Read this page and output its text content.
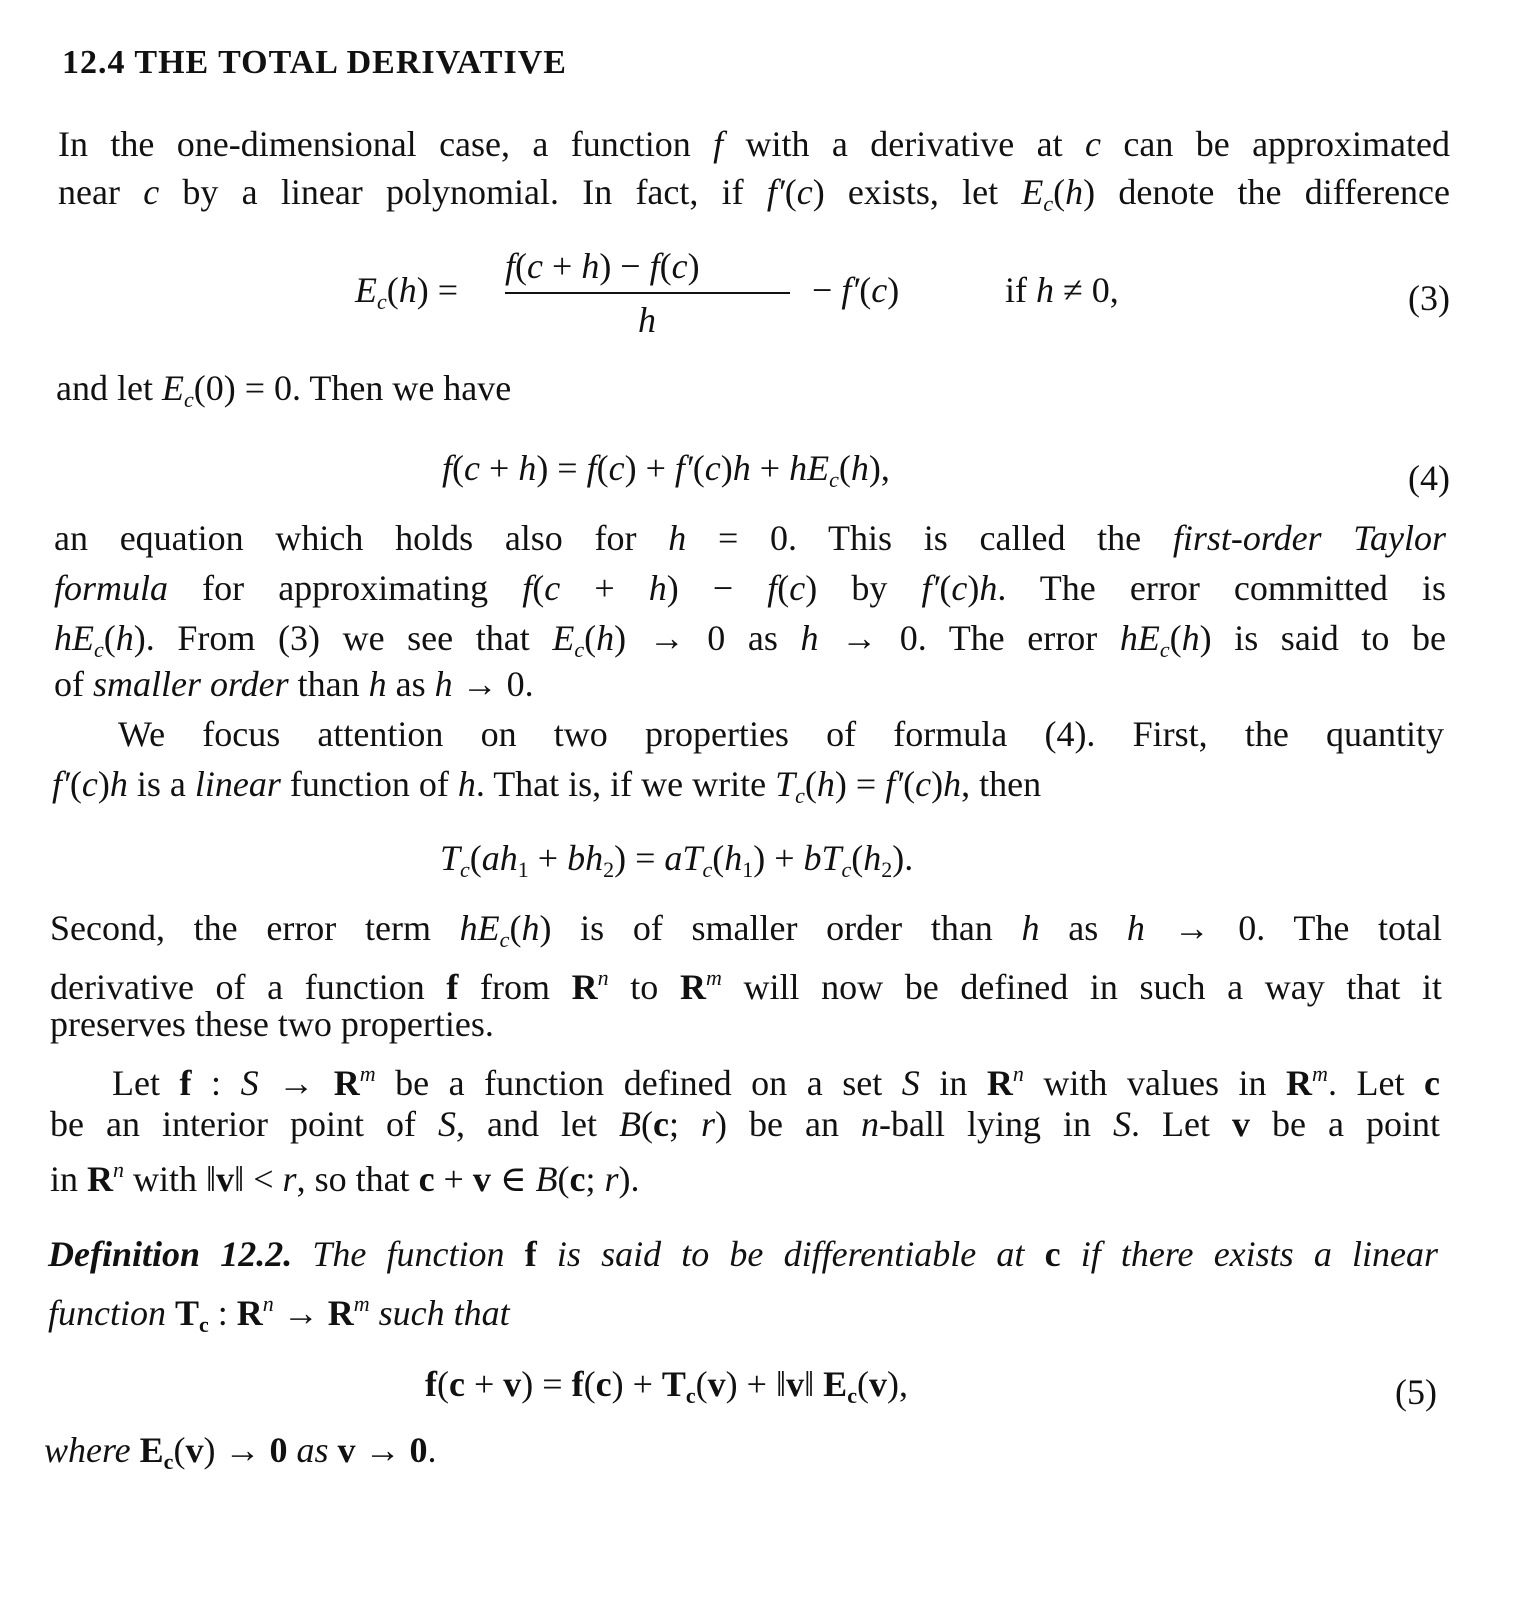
12.4 THE TOTAL DERIVATIVE
In the one-dimensional case, a function f with a derivative at c can be approximated
near c by a linear polynomial. In fact, if f′(c) exists, let $E_c(h)$ denote the difference
$E_c(h)$ =
f(c + h) − f(c)
h
− f′(c)	if h ≠ 0,	(3)
and let $E_c(0) = 0$. Then we have
$f(c + h) = f(c) + f'(c)h + hE_c(h)$,	(4)
an equation which holds also for h = 0. This is called the first-order Taylor
formula for approximating f(c + h) − f(c) by f′(c)h. The error committed is
$hE_c(h)$. From (3) we see that $E_c(h) \to 0$ as h → 0. The error $hE_c(h)$ is said to be
of smaller order than h as h → 0.
We focus attention on two properties of formula (4). First, the quantity
f′(c)h is a linear function of h. That is, if we write $T_c(h) = f'(c)h$, then
$T_c(ah1 + bh2) = aT_c(h1) + bT_c(h2)$.
Second, the error term $hE_c(h)$ is of smaller order than h as h → 0. The total
derivative of a function f from $R^n$ to $R^m$ will now be defined in such a way that it
preserves these two properties.
Let f : $S \to R^m$ be a function defined on a set S in $R^n$ with values in $R^m$. Let c
be an interior point of S, and let B(c; r) be an n-ball lying in S. Let v be a point
in $R^n$ with ‖v‖ < r, so that c + v ∈ B(c; r).
Definition 12.2. The function f is said to be differentiable at c if there exists a linear
function Tc : $R^n \to R^m$ such that
f(c + v) = f(c) + Tc(v) + ‖v‖ Ec(v),	(5)
where Ec(v) → 0 as v → 0.
